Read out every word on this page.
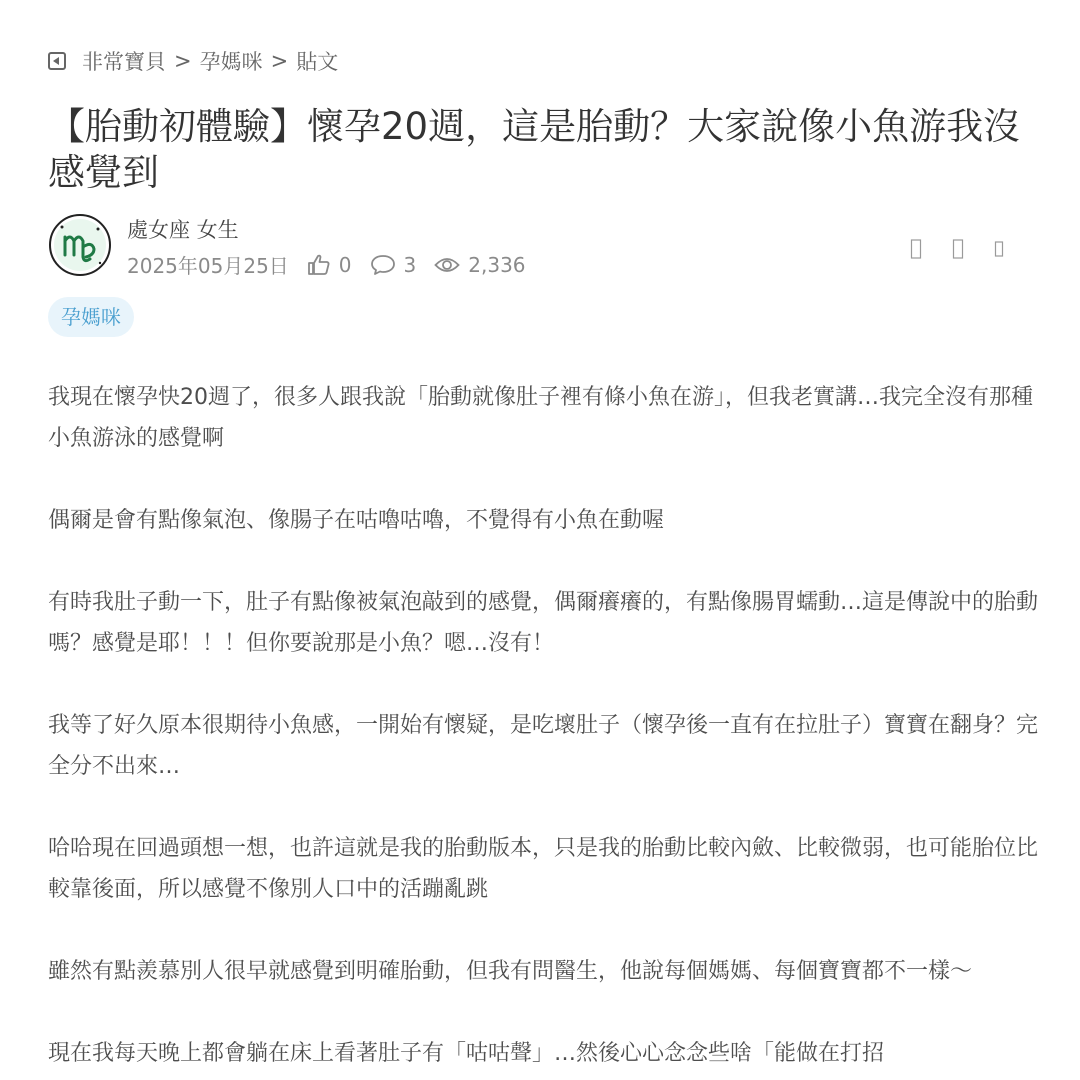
非常寶貝 > 孕媽咪 > 貼文
【胎動初體驗】懷孕20週，這是胎動？大家說像小魚游我沒感覺到
處女座 女生
2025年05月25日	0	3	2,336
孕媽咪

我現在懷孕快20週了，很多人跟我說「胎動就像肚子裡有條小魚在游」，但我老實講…我完全沒有那種小魚游泳的感覺啊

偶爾是會有點像氣泡、像腸子在咕嚕咕嚕，不覺得有小魚在動喔

有時我肚子動一下，肚子有點像被氣泡敲到的感覺，偶爾癢癢的，有點像腸胃蠕動…這是傳說中的胎動嗎？感覺是耶！！！但你要說那是小魚？嗯…沒有！

我等了好久原本很期待小魚感，一開始有懷疑，是吃壞肚子（懷孕後一直有在拉肚子）寶寶在翻身？完全分不出來…

哈哈現在回過頭想一想，也許這就是我的胎動版本，只是我的胎動比較內斂、比較微弱，也可能胎位比較靠後面，所以感覺不像別人口中的活蹦亂跳

雖然有點羨慕別人很早就感覺到明確胎動，但我有問醫生，他說每個媽媽、每個寶寶都不一樣～

現在我每天晚上都會躺在床上看著肚子有「咕咕聲」…然後心心念念些啥「能做在打招
